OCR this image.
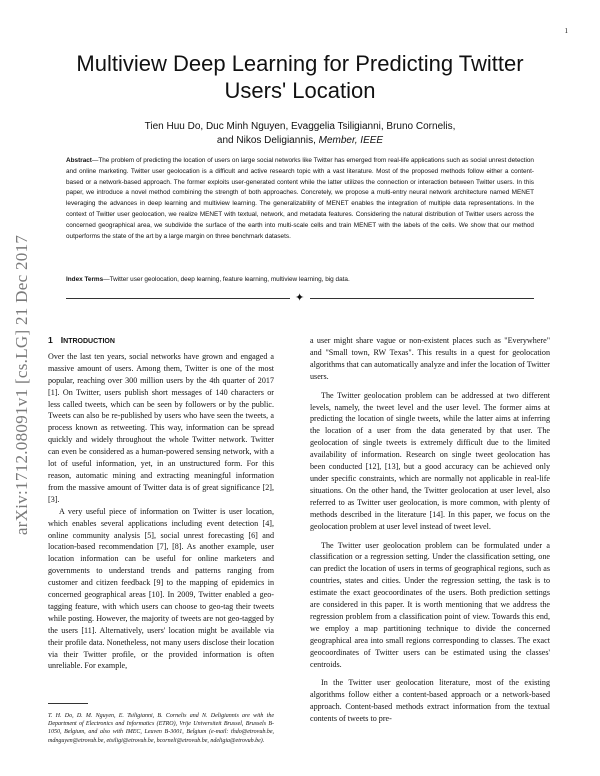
1
arXiv:1712.08091v1 [cs.LG] 21 Dec 2017
Multiview Deep Learning for Predicting Twitter
Users' Location
Tien Huu Do, Duc Minh Nguyen, Evaggelia Tsiligianni, Bruno Cornelis,
and Nikos Deligiannis, Member, IEEE
Abstract—The problem of predicting the location of users on large social networks like Twitter has emerged from real-life applications such as social unrest detection and online marketing. Twitter user geolocation is a difficult and active research topic with a vast literature. Most of the proposed methods follow either a content-based or a network-based approach. The former exploits user-generated content while the latter utilizes the connection or interaction between Twitter users. In this paper, we introduce a novel method combining the strength of both approaches. Concretely, we propose a multi-entry neural network architecture named MENET leveraging the advances in deep learning and multiview learning. The generalizability of MENET enables the integration of multiple data representations. In the context of Twitter user geolocation, we realize MENET with textual, network, and metadata features. Considering the natural distribution of Twitter users across the concerned geographical area, we subdivide the surface of the earth into multi-scale cells and train MENET with the labels of the cells. We show that our method outperforms the state of the art by a large margin on three benchmark datasets.
Index Terms—Twitter user geolocation, deep learning, feature learning, multiview learning, big data.
✦
1 INTRODUCTION

Over the last ten years, social networks have grown and engaged a massive amount of users. Among them, Twitter is one of the most popular, reaching over 300 million users by the 4th quarter of 2017 [1]. On Twitter, users publish short messages of 140 characters or less called tweets, which can be seen by followers or by the public. Tweets can also be re-published by users who have seen the tweets, a process known as retweeting. This way, information can be spread quickly and widely throughout the whole Twitter network. Twitter can even be considered as a human-powered sensing network, with a lot of useful information, yet, in an unstructured form. For this reason, automatic mining and extracting meaningful information from the massive amount of Twitter data is of great significance [2], [3].

A very useful piece of information on Twitter is user location, which enables several applications including event detection [4], online community analysis [5], social unrest forecasting [6] and location-based recommendation [7], [8]. As another example, user location information can be useful for online marketers and governments to understand trends and patterns ranging from customer and citizen feedback [9] to the mapping of epidemics in concerned geographical areas [10]. In 2009, Twitter enabled a geo-tagging feature, with which users can choose to geo-tag their tweets while posting. However, the majority of tweets are not geo-tagged by the users [11]. Alternatively, users' location might be available via their profile data. Nonetheless, not many users disclose their location via their Twitter profile, or the provided information is often unreliable. For example,

T. H. Do, D. M. Nguyen, E. Tsiligianni, B. Cornelis and N. Deligiannis are with the Department of Electronics and Informatics (ETRO), Vrije Universiteit Brussel, Brussels B-1050, Belgium, and also with IMEC, Leuven B-3001, Belgium (e-mail: thdo@etrovub.be, mdnguyen@etrovub.be, etsiligi@etrovub.be, bcorneli@etrovub.be, ndeligia@etrovub.be).

a user might share vague or non-existent places such as "Everywhere" and "Small town, RW Texas". This results in a quest for geolocation algorithms that can automatically analyze and infer the location of Twitter users.

The Twitter geolocation problem can be addressed at two different levels, namely, the tweet level and the user level. The former aims at predicting the location of single tweets, while the latter aims at inferring the location of a user from the data generated by that user. The geolocation of single tweets is extremely difficult due to the limited availability of information. Research on single tweet geolocation has been conducted [12], [13], but a good accuracy can be achieved only under specific constraints, which are normally not applicable in real-life situations. On the other hand, the Twitter geolocation at user level, also referred to as Twitter user geolocation, is more common, with plenty of methods described in the literature [14]. In this paper, we focus on the geolocation problem at user level instead of tweet level.

The Twitter user geolocation problem can be formulated under a classification or a regression setting. Under the classification setting, one can predict the location of users in terms of geographical regions, such as countries, states and cities. Under the regression setting, the task is to estimate the exact geocoordinates of the users. Both prediction settings are considered in this paper. It is worth mentioning that we address the regression problem from a classification point of view. Towards this end, we employ a map partitioning technique to divide the concerned geographical area into small regions corresponding to classes. The exact geocoordinates of Twitter users can be estimated using the classes' centroids.

In the Twitter user geolocation literature, most of the existing algorithms follow either a content-based approach or a network-based approach. Content-based methods extract information from the textual contents of tweets to pre-
